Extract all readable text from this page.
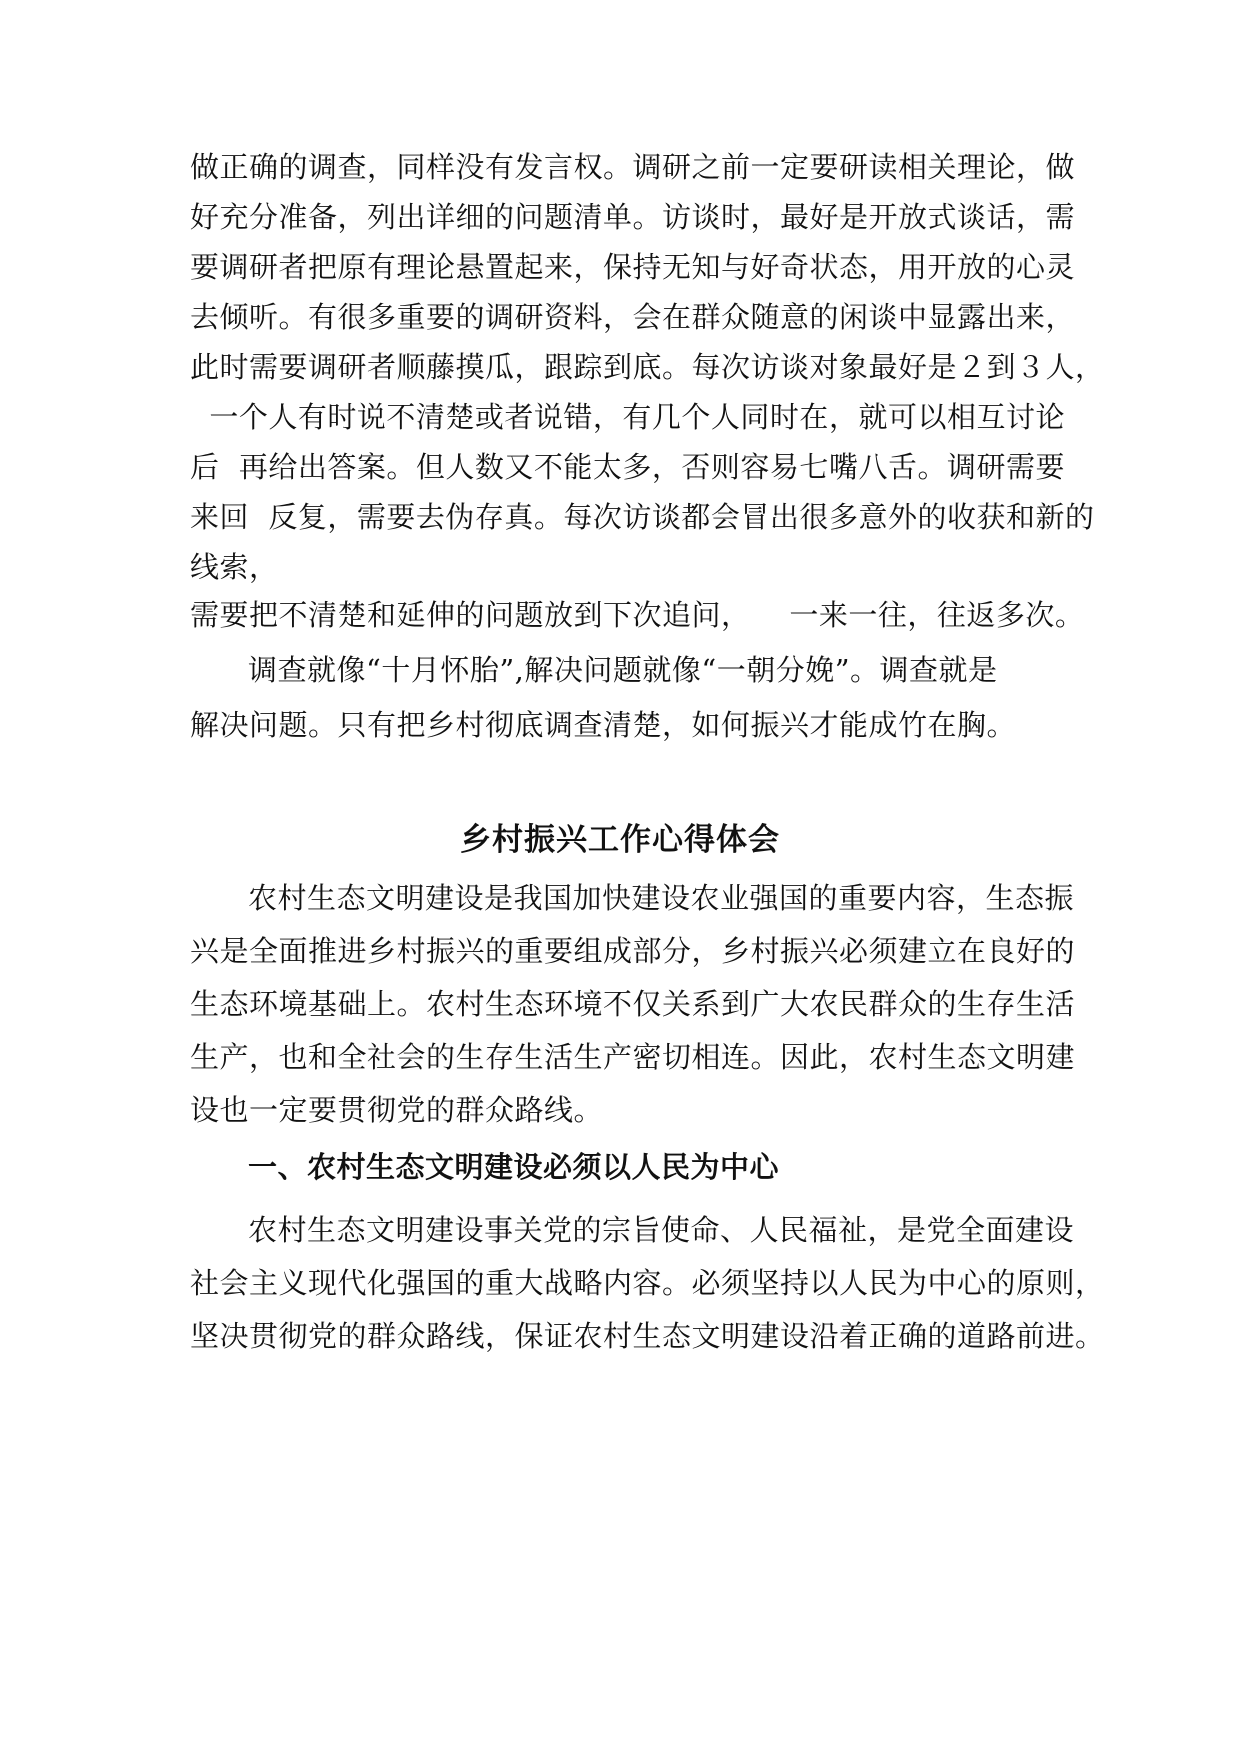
做正确的调查，同样没有发言权。调研之前一定要研读相关理论，做
好充分准备，列出详细的问题清单。访谈时，最好是开放式谈话，需
要调研者把原有理论悬置起来，保持无知与好奇状态，用开放的心灵
去倾听。有很多重要的调研资料，会在群众随意的闲谈中显露出来，
此时需要调研者顺藤摸瓜，跟踪到底。每次访谈对象最好是２到３人，
一个人有时说不清楚或者说错，有几个人同时在，就可以相互讨论
后  再给出答案。但人数又不能太多，否则容易七嘴八舌。调研需要
来回  反复，需要去伪存真。每次访谈都会冒出很多意外的收获和新的
线索，
需要把不清楚和延伸的问题放到下次追问，    一来一往，往返多次。
调查就像“十月怀胎”,解决问题就像“一朝分娩”。调查就是
解决问题。只有把乡村彻底调查清楚，如何振兴才能成竹在胸。
乡村振兴工作心得体会
农村生态文明建设是我国加快建设农业强国的重要内容，生态振
兴是全面推进乡村振兴的重要组成部分，乡村振兴必须建立在良好的
生态环境基础上。农村生态环境不仅关系到广大农民群众的生存生活
生产，也和全社会的生存生活生产密切相连。因此，农村生态文明建
设也一定要贯彻党的群众路线。
一、农村生态文明建设必须以人民为中心
农村生态文明建设事关党的宗旨使命、人民福祉，是党全面建设
社会主义现代化强国的重大战略内容。必须坚持以人民为中心的原则，
坚决贯彻党的群众路线，保证农村生态文明建设沿着正确的道路前进。
